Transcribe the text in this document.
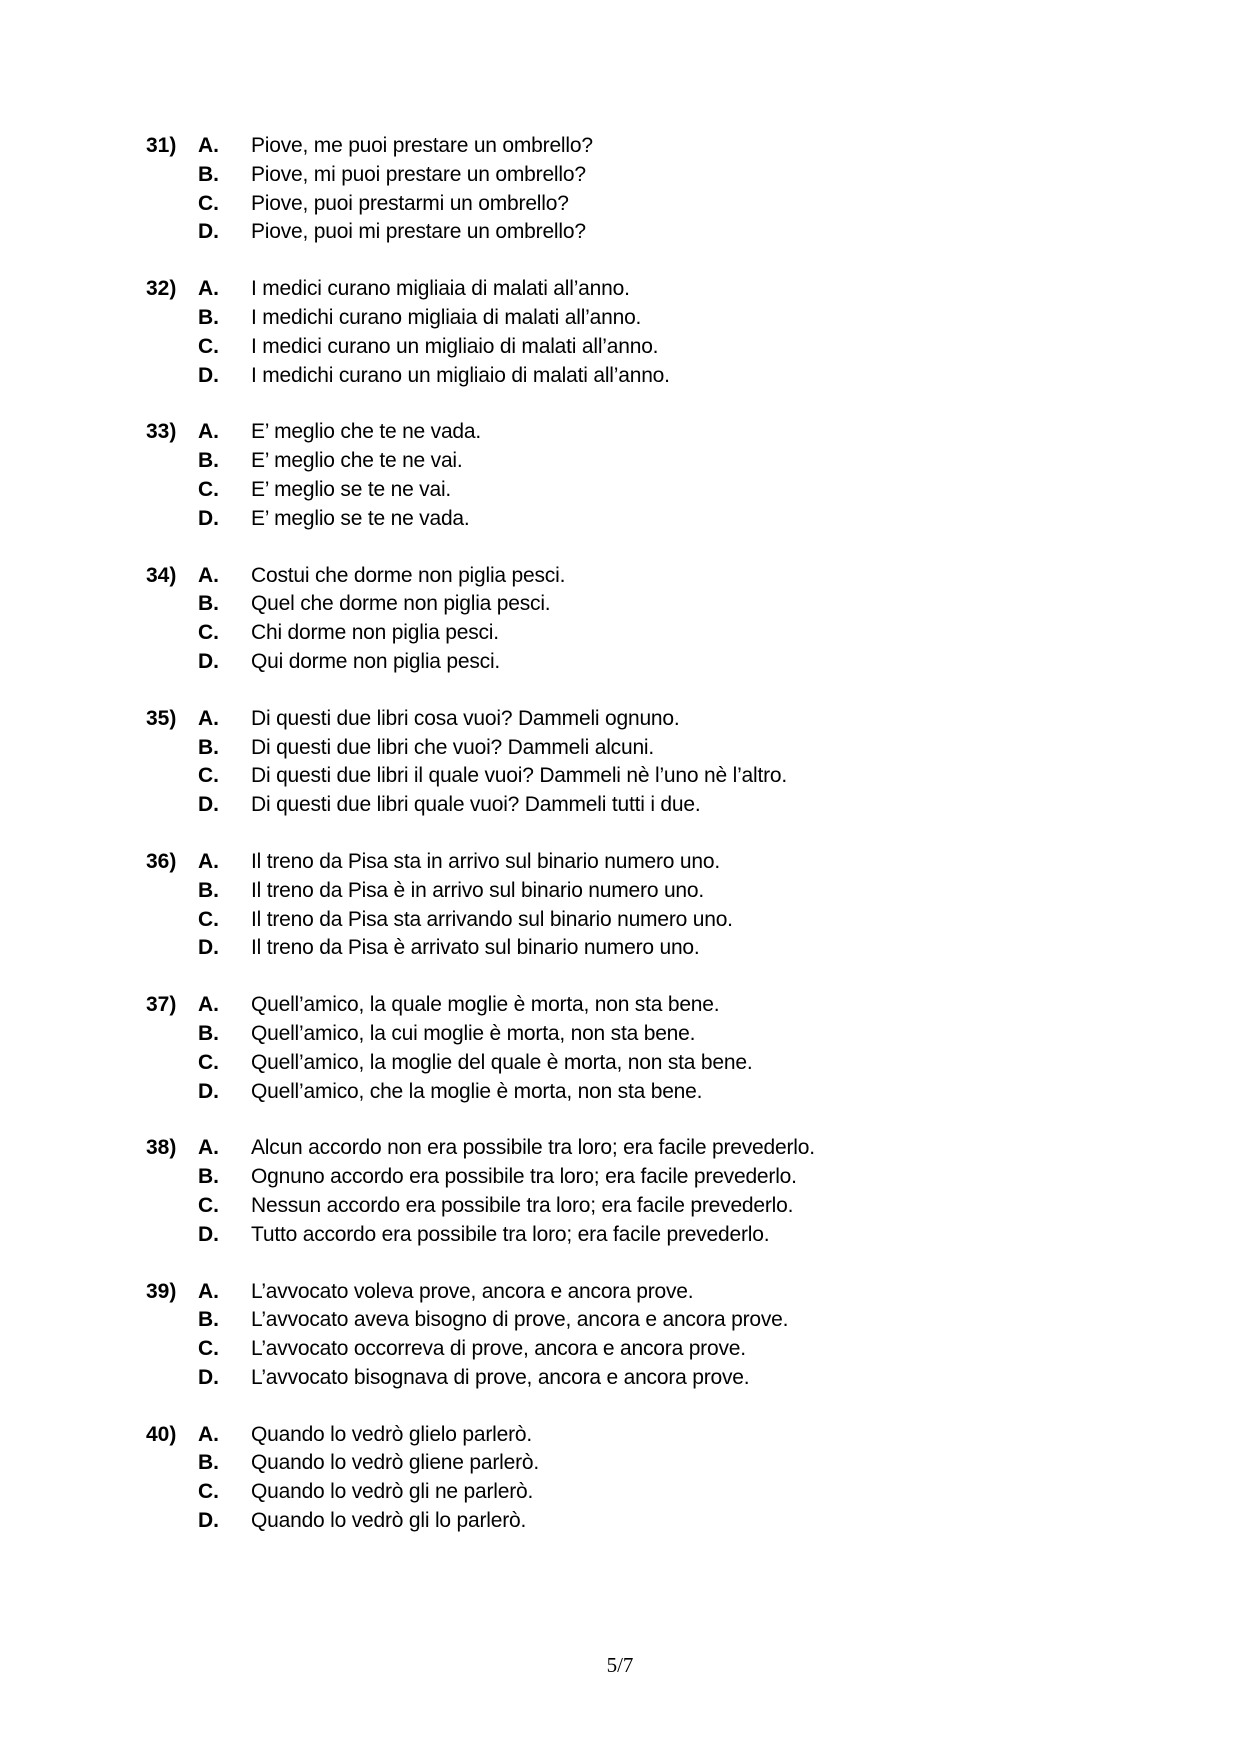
31)	A.	Piove, me puoi prestare un ombrello?
B.	Piove, mi puoi prestare un ombrello?
C.	Piove, puoi prestarmi un ombrello?
D.	Piove, puoi mi prestare un ombrello?
32)	A.	I medici curano migliaia di malati all’anno.
B.	I medichi curano migliaia di malati all’anno.
C.	I medici curano un migliaio di malati all’anno.
D.	I medichi curano un migliaio di malati all’anno.
33)	A.	E’ meglio che te ne vada.
B.	E’ meglio che te ne vai.
C.	E’ meglio se te ne vai.
D.	E’ meglio se te ne vada.
34)	A.	Costui che dorme non piglia pesci.
B.	Quel che dorme non piglia pesci.
C.	Chi dorme non piglia pesci.
D.	Qui dorme non piglia pesci.
35)	A.	Di questi due libri cosa vuoi? Dammeli ognuno.
B.	Di questi due libri che vuoi? Dammeli alcuni.
C.	Di questi due libri il quale vuoi? Dammeli nè l’uno nè l’altro.
D.	Di questi due libri quale vuoi? Dammeli tutti i due.
36)	A.	Il treno da Pisa sta in arrivo sul binario numero uno.
B.	Il treno da Pisa è in arrivo sul binario numero uno.
C.	Il treno da Pisa sta arrivando sul binario numero uno.
D.	Il treno da Pisa è arrivato sul binario numero uno.
37)	A.	Quell’amico, la quale moglie è morta, non sta bene.
B.	Quell’amico, la cui moglie è morta, non sta bene.
C.	Quell’amico, la moglie del quale è morta, non sta bene.
D.	Quell’amico, che la moglie è morta, non sta bene.
38)	A.	Alcun accordo non era possibile tra loro; era facile prevederlo.
B.	Ognuno accordo era possibile tra loro; era facile prevederlo.
C.	Nessun accordo era possibile tra loro; era facile prevederlo.
D.	Tutto accordo era possibile tra loro; era facile prevederlo.
39)	A.	L’avvocato voleva prove, ancora e ancora prove.
B.	L’avvocato aveva bisogno di prove, ancora e ancora prove.
C.	L’avvocato occorreva di prove, ancora e ancora prove.
D.	L’avvocato bisognava di prove, ancora e ancora prove.
40)	A.	Quando lo vedrò glielo parlerò.
B.	Quando lo vedrò gliene parlerò.
C.	Quando lo vedrò gli ne parlerò.
D.	Quando lo vedrò gli lo parlerò.
5/7
